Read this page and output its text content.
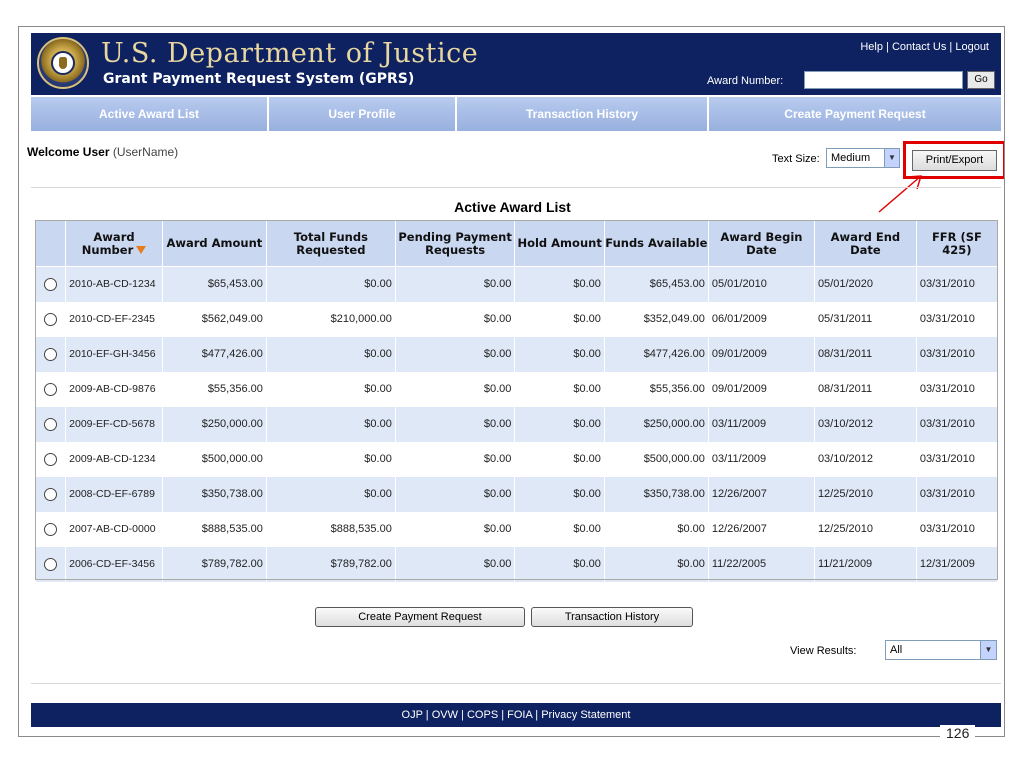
U.S. Department of Justice
Grant Payment Request System (GPRS)
Help | Contact Us | Logout
Award Number:	Go
Active Award List	User Profile	Transaction History	Create Payment Request
Welcome User (UserName)	Text Size:	Medium	▼	Print/Export
Active Award List
	Award Number	Award Amount	Total Funds Requested	Pending Payment Requests	Hold Amount	Funds Available	Award Begin Date	Award End Date	FFR (SF 425)

	2010-AB-CD-1234	$65,453.00	$0.00	$0.00	$0.00	$65,453.00	05/01/2010	05/01/2020	03/31/2010

	2010-CD-EF-2345	$562,049.00	$210,000.00	$0.00	$0.00	$352,049.00	06/01/2009	05/31/2011	03/31/2010

	2010-EF-GH-3456	$477,426.00	$0.00	$0.00	$0.00	$477,426.00	09/01/2009	08/31/2011	03/31/2010

	2009-AB-CD-9876	$55,356.00	$0.00	$0.00	$0.00	$55,356.00	09/01/2009	08/31/2011	03/31/2010

	2009-EF-CD-5678	$250,000.00	$0.00	$0.00	$0.00	$250,000.00	03/11/2009	03/10/2012	03/31/2010

	2009-AB-CD-1234	$500,000.00	$0.00	$0.00	$0.00	$500,000.00	03/11/2009	03/10/2012	03/31/2010

	2008-CD-EF-6789	$350,738.00	$0.00	$0.00	$0.00	$350,738.00	12/26/2007	12/25/2010	03/31/2010

	2007-AB-CD-0000	$888,535.00	$888,535.00	$0.00	$0.00	$0.00	12/26/2007	12/25/2010	03/31/2010

	2006-CD-EF-3456	$789,782.00	$789,782.00	$0.00	$0.00	$0.00	11/22/2005	11/21/2009	12/31/2009
Create Payment Request	Transaction History
View Results:	All	▼
OJP | OVW | COPS | FOIA | Privacy Statement
126
